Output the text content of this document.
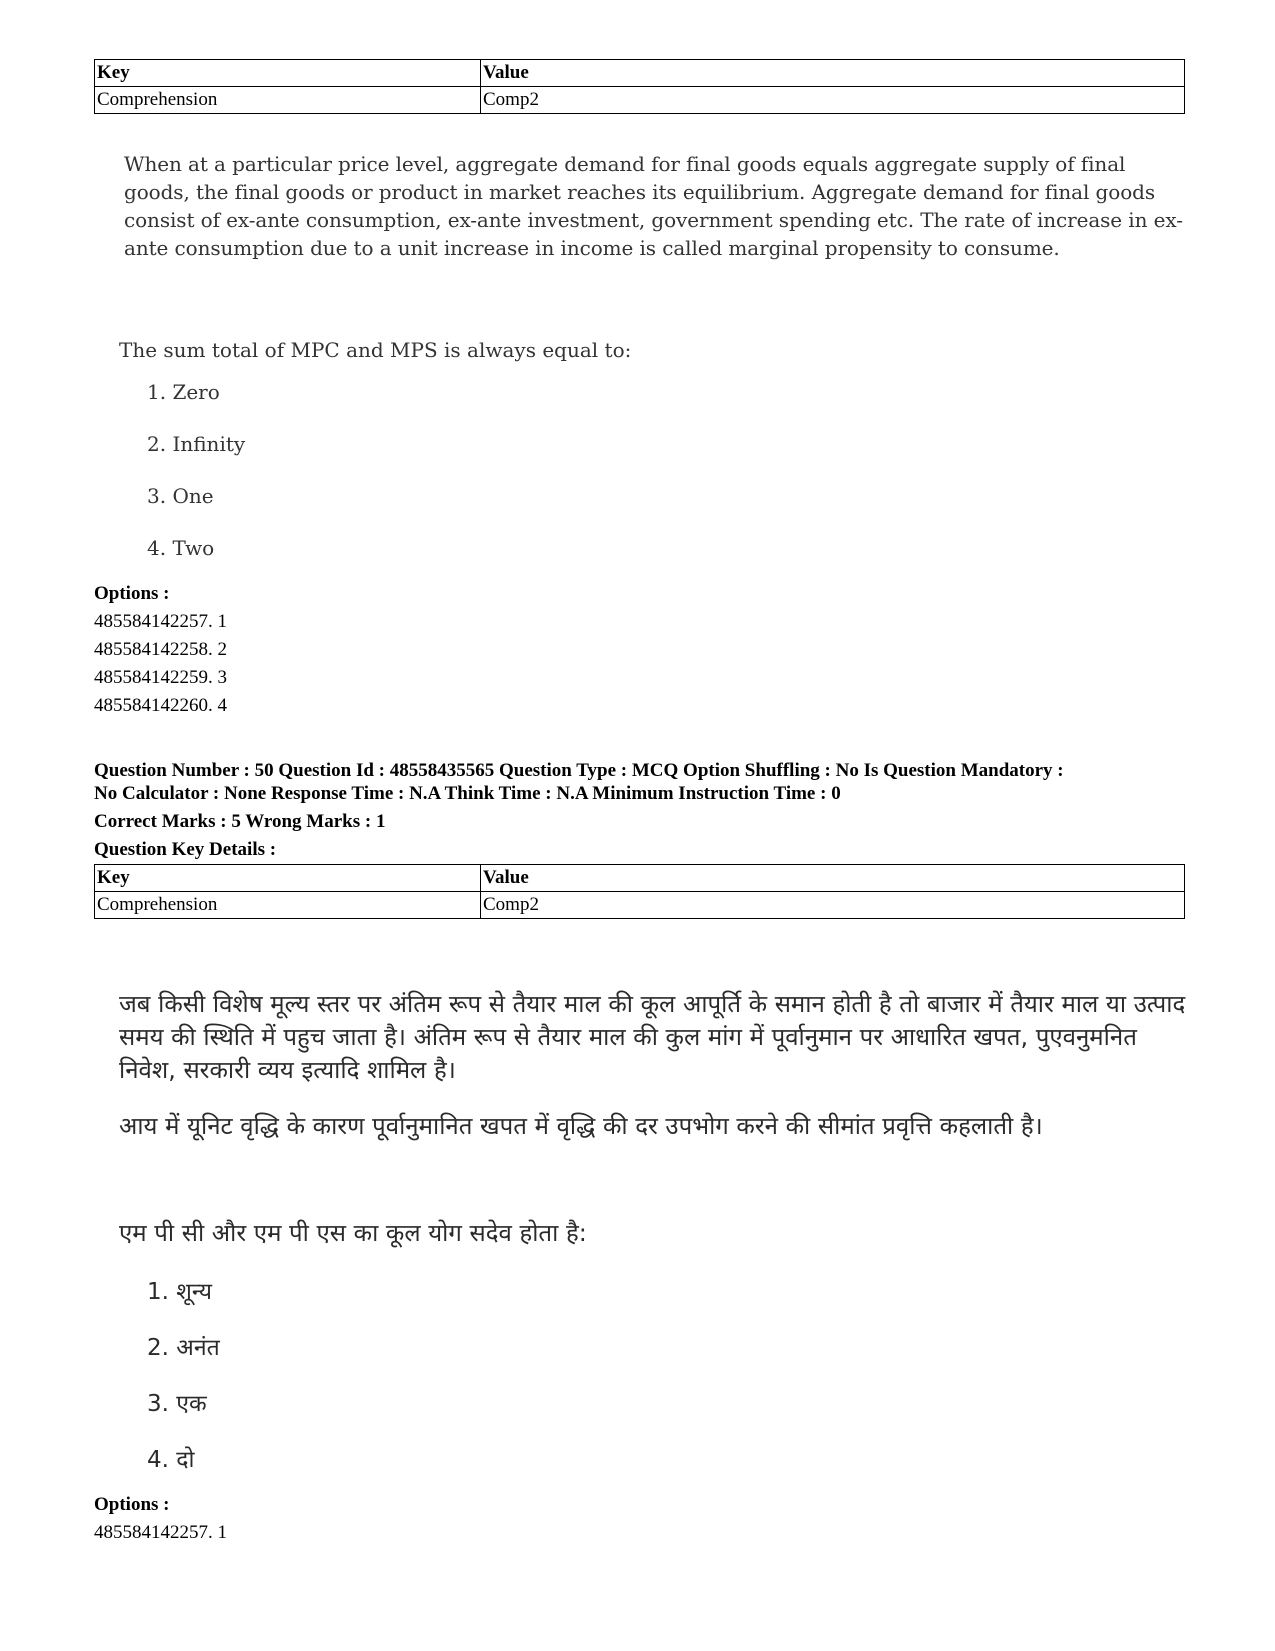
Key	Value
Comprehension	Comp2
When at a particular price level, aggregate demand for final goods equals aggregate supply of final goods, the final goods or product in market reaches its equilibrium. Aggregate demand for final goods consist of ex-ante consumption, ex-ante investment, government spending etc. The rate of increase in ex-ante consumption due to a unit increase in income is called marginal propensity to consume.
The sum total of MPC and MPS is always equal to:
1. Zero
2. Infinity
3. One
4. Two
Options :
485584142257. 1
485584142258. 2
485584142259. 3
485584142260. 4
Question Number : 50 Question Id : 48558435565 Question Type : MCQ Option Shuffling : No Is Question Mandatory :
No Calculator : None Response Time : N.A Think Time : N.A Minimum Instruction Time : 0
Correct Marks : 5 Wrong Marks : 1
Question Key Details :
Key	Value
Comprehension	Comp2
जब किसी विशेष मूल्य स्तर पर अंतिम रूप से तैयार माल की कूल आपूर्ति के समान होती है तो बाजार में तैयार माल या उत्पाद समय की स्थिति में पहुच जाता है। अंतिम रूप से तैयार माल की कुल मांग में पूर्वानुमान पर आधारित खपत, पुएवनुमनित निवेश, सरकारी व्यय इत्यादि शामिल है।
आय में यूनिट वृद्धि के कारण पूर्वानुमानित खपत में वृद्धि की दर उपभोग करने की सीमांत प्रवृत्ति कहलाती है।
एम पी सी और एम पी एस का कूल योग सदेव होता है:
1. शून्य
2. अनंत
3. एक
4. दो
Options :
485584142257. 1
